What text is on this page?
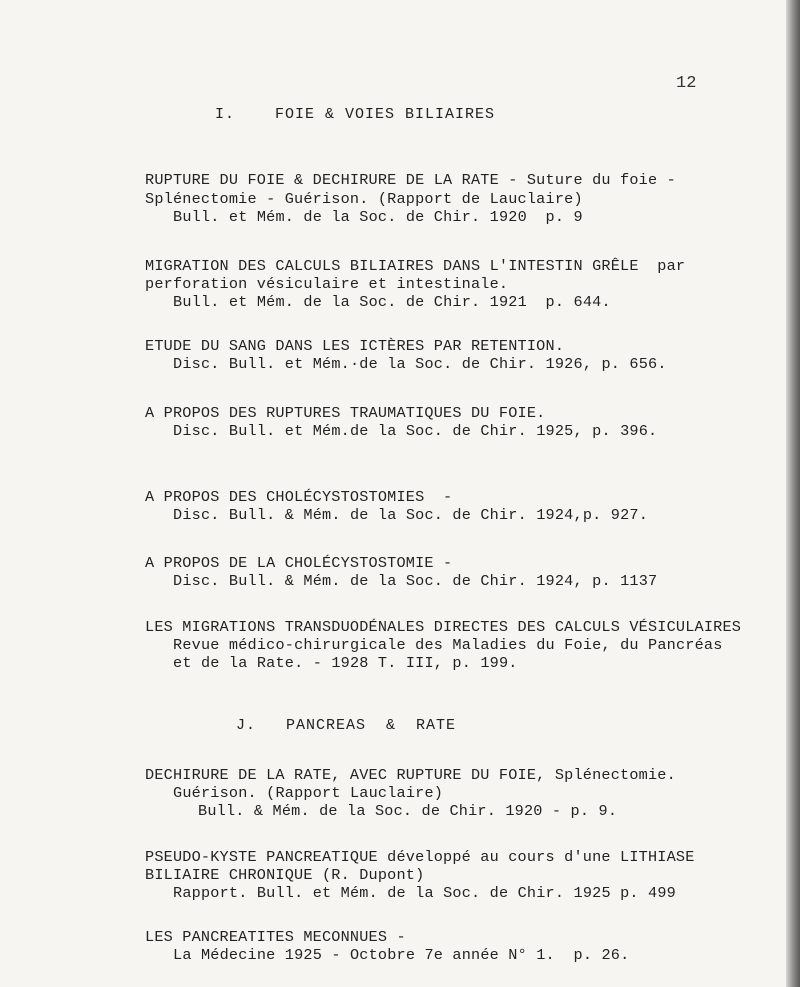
12
I.    FOIE & VOIES BILIAIRES
RUPTURE DU FOIE & DECHIRURE DE LA RATE - Suture du foie -
Splénectomie - Guérison. (Rapport de Lauclaire)
Bull. et Mém. de la Soc. de Chir. 1920  p. 9
MIGRATION DES CALCULS BILIAIRES DANS L'INTESTIN GRÊLE  par
perforation vésiculaire et intestinale.
Bull. et Mém. de la Soc. de Chir. 1921  p. 644.
ETUDE DU SANG DANS LES ICTÈRES PAR RETENTION.
Disc. Bull. et Mém.·de la Soc. de Chir. 1926, p. 656.
A PROPOS DES RUPTURES TRAUMATIQUES DU FOIE.
Disc. Bull. et Mém.de la Soc. de Chir. 1925, p. 396.
A PROPOS DES CHOLÉCYSTOSTOMIES  -
Disc. Bull. & Mém. de la Soc. de Chir. 1924,p. 927.
A PROPOS DE LA CHOLÉCYSTOSTOMIE -
Disc. Bull. & Mém. de la Soc. de Chir. 1924, p. 1137
LES MIGRATIONS TRANSDUODÉNALES DIRECTES DES CALCULS VÉSICULAIRES
Revue médico-chirurgicale des Maladies du Foie, du Pancréas
et de la Rate. - 1928 T. III, p. 199.
J.   PANCREAS  &  RATE
DECHIRURE DE LA RATE, AVEC RUPTURE DU FOIE, Splénectomie.
Guérison. (Rapport Lauclaire)
Bull. & Mém. de la Soc. de Chir. 1920 - p. 9.
PSEUDO-KYSTE PANCREATIQUE développé au cours d'une LITHIASE
BILIAIRE CHRONIQUE (R. Dupont)
Rapport. Bull. et Mém. de la Soc. de Chir. 1925 p. 499
LES PANCREATITES MECONNUES -
La Médecine 1925 - Octobre 7e année N° 1.  p. 26.
